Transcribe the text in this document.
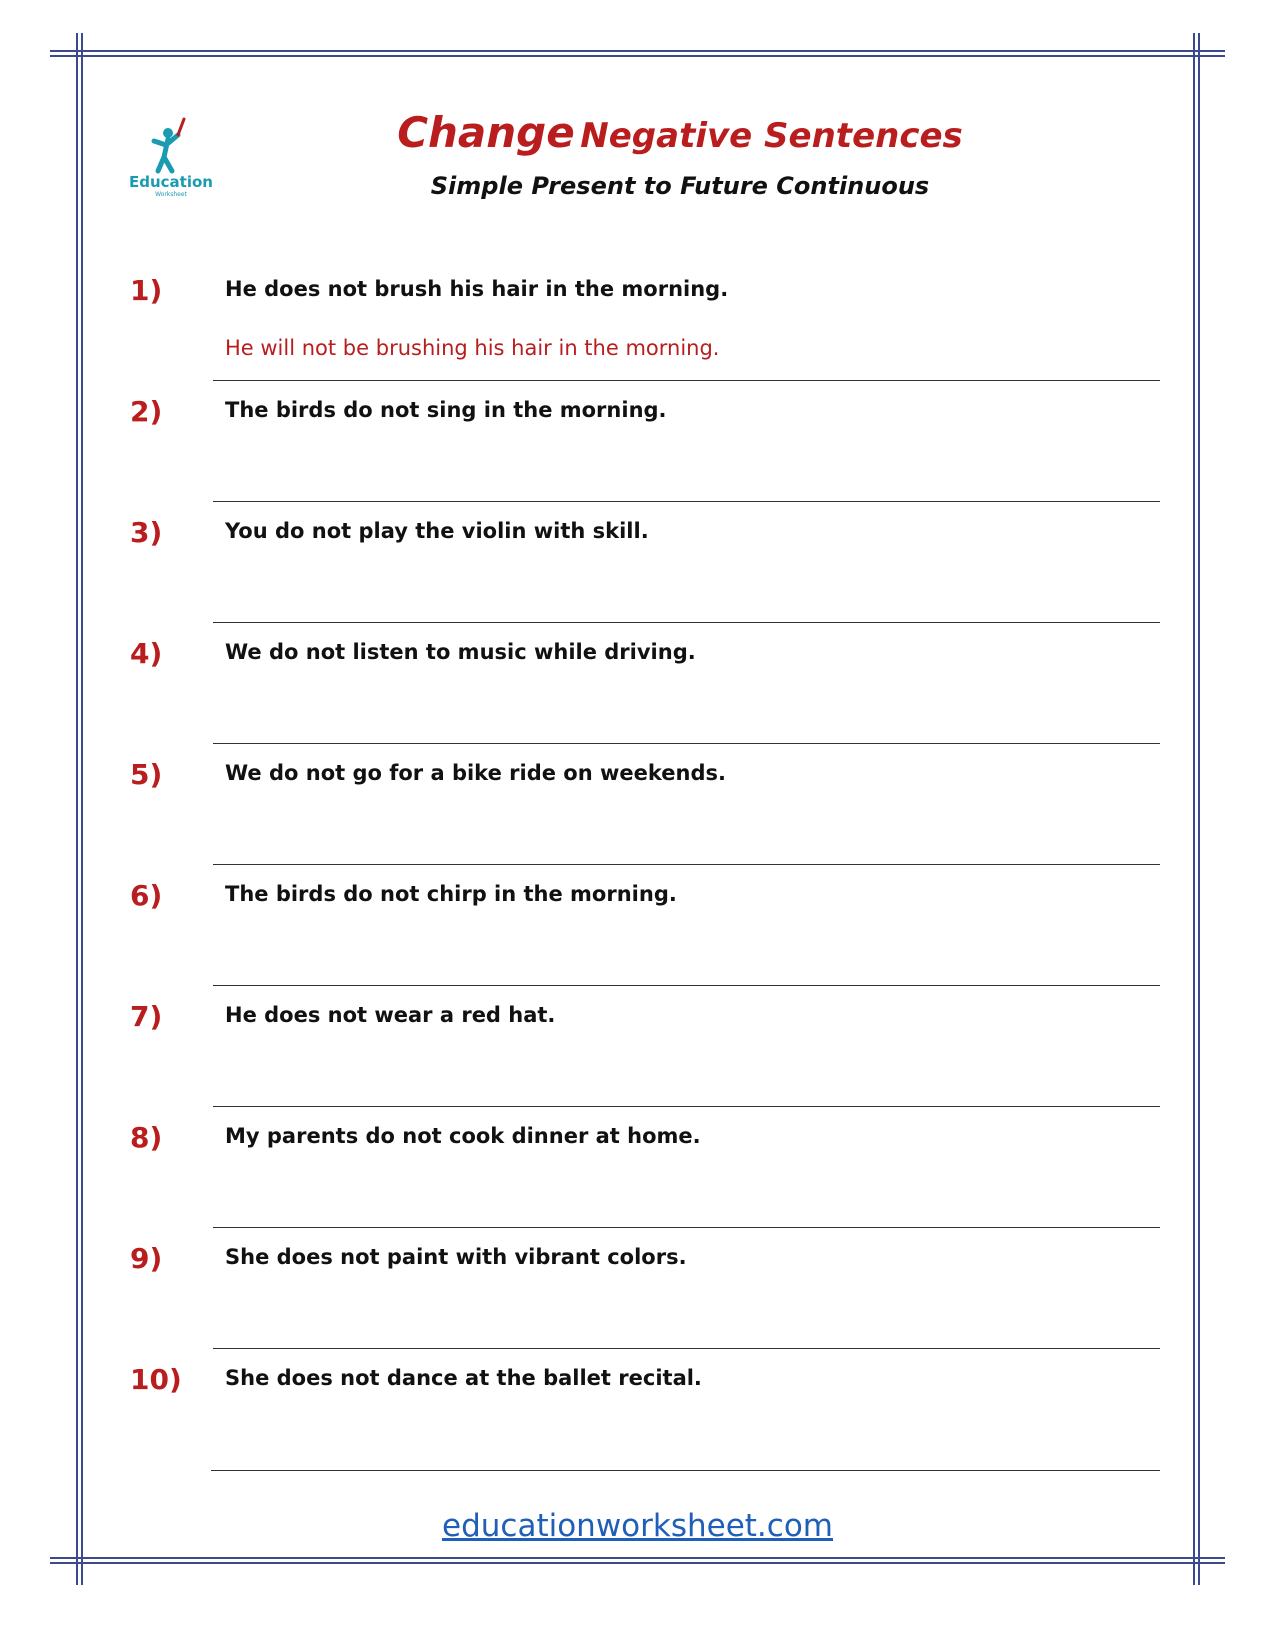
Education
Worksheet
Change Negative Sentences
Simple Present to Future Continuous
1)	He does not brush his hair in the morning.
He will not be brushing his hair in the morning.
2)	The birds do not sing in the morning.
3)	You do not play the violin with skill.
4)	We do not listen to music while driving.
5)	We do not go for a bike ride on weekends.
6)	The birds do not chirp in the morning.
7)	He does not wear a red hat.
8)	My parents do not cook dinner at home.
9)	She does not paint with vibrant colors.
10) She does not dance at the ballet recital.
educationworksheet.com
